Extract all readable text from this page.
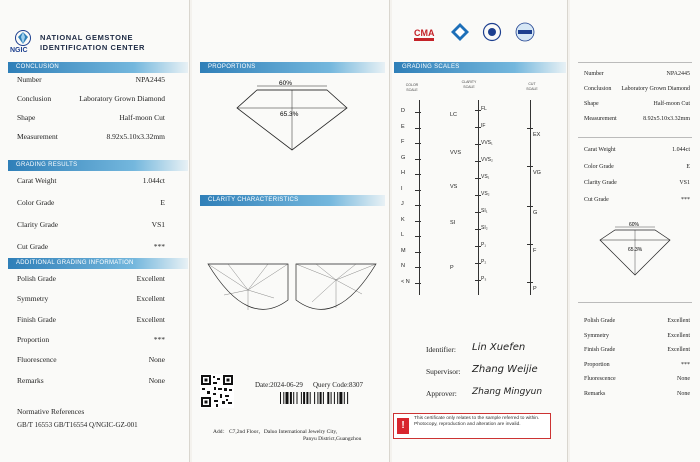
NATIONAL GEMSTONE
IDENTIFICATION CENTER
NGIC
CONCLUSION
Number	NPA2445
Conclusion	Laboratory Grown Diamond
Shape	Half-moon Cut
Measurement	8.92x5.10x3.32mm
GRADING RESULTS
Carat Weight	1.044ct
Color Grade	E
Clarity Grade	VS1
Cut Grade	***
ADDITIONAL GRADING INFORMATION
Polish Grade	Excellent
Symmetry	Excellent
Finish Grade	Excellent
Proportion	***
Fluorescence	None
Remarks	None
Normative References
GB/T 16553 GB/T16554 Q/NGIC-GZ-001
PROPORTIONS
60%
65.3%
CLARITY CHARACTERISTICS
Date:2024-06-29 Query Code:8307
Add： C7,2nd Floor，Daluo International Jewelry City,
Panyu District,Guangzhou
CMA
GRADING SCALES
COLOR
SCALE
CLARITY
SCALE
CUT
SCALE
D
E
F
G
H
I
J
K
L
M
N
< N
LC
VVS
VS
SI
P
FL
IF
VVS₁
VVS₂
VS₁
VS₂
SI₁
SI₂
P₁
P₂
P₃
EX
VG
G
F
P
Identifier: Lin Xuefen
Supervisor: Zhang Weijie
Approver: Zhang Mingyun
!
This certificate only relates to the sample referred to within. Photocopy, reproduction and alteration are invalid.
Number	NPA2445
Conclusion Laboratory Grown Diamond
Shape	Half-moon Cut
Measurement	8.92x5.10x3.32mm
Carat Weight	1.044ct
Color Grade	E
Clarity Grade	VS1
Cut Grade	***
60%
65.3%
Polish Grade	Excellent
Symmetry	Excellent
Finish Grade	Excellent
Proportion	***
Fluorescence	None
Remarks	None
